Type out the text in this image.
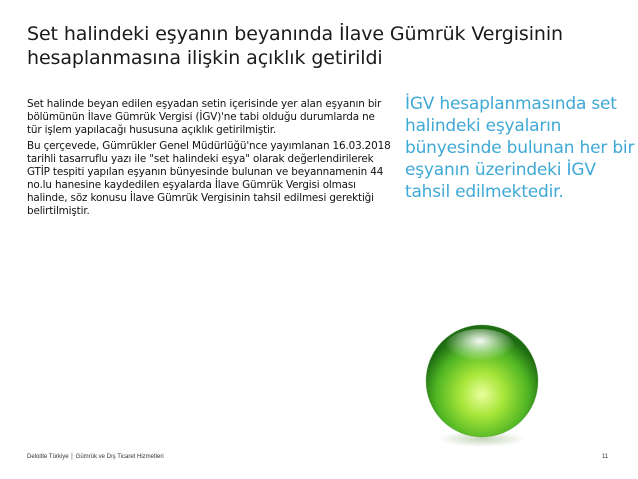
Set halindeki eşyanın beyanında İlave Gümrük Vergisinin hesaplanmasına ilişkin açıklık getirildi
Set halinde beyan edilen eşyadan setin içerisinde yer alan eşyanın bir bölümünün İlave Gümrük Vergisi (İGV)'ne tabi olduğu durumlarda ne tür işlem yapılacağı hususuna açıklık getirilmiştir.
Bu çerçevede, Gümrükler Genel Müdürlüğü'nce yayımlanan 16.03.2018 tarihli tasarruflu yazı ile "set halindeki eşya" olarak değerlendirilerek GTİP tespiti yapılan eşyanın bünyesinde bulunan ve beyannamenin 44 no.lu hanesine kaydedilen eşyalarda İlave Gümrük Vergisi olması halinde, söz konusu İlave Gümrük Vergisinin tahsil edilmesi gerektiği belirtilmiştir.
İGV hesaplanmasında set halindeki eşyaların bünyesinde bulunan her bir eşyanın üzerindeki İGV tahsil edilmektedir.
Deloitte Türkiye │ Gümrük ve Dış Ticaret Hizmetleri	11
